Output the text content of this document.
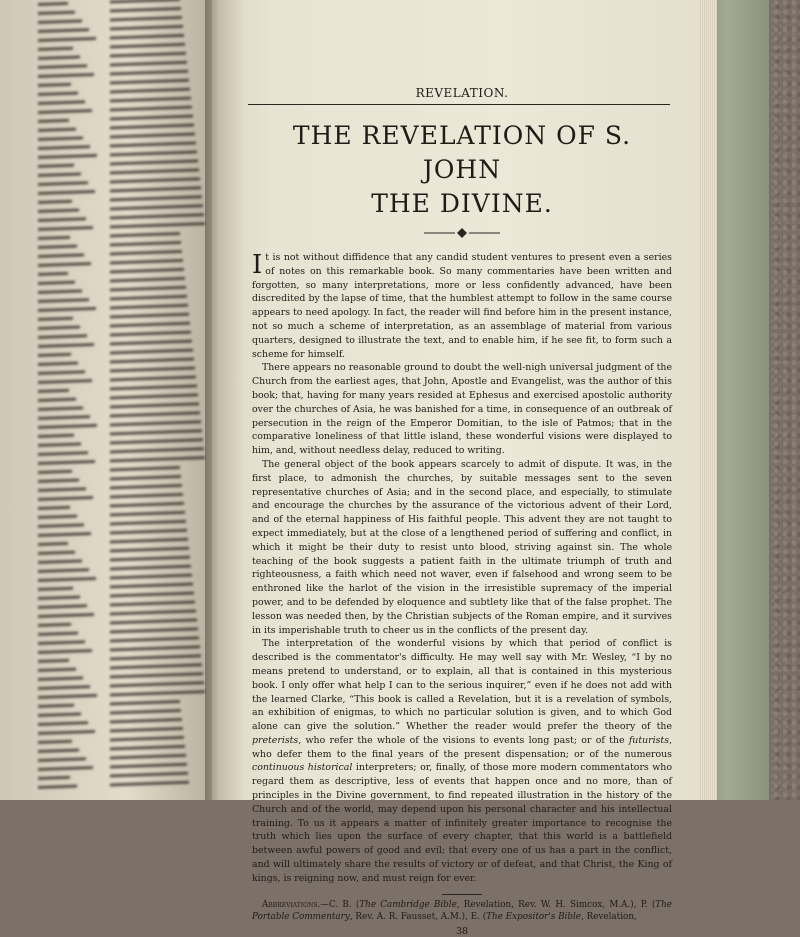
REVELATION.
THE REVELATION OF S. JOHN
THE DIVINE.

It is not without diffidence that any candid student ventures to present even a series of notes on this remarkable book. So many commentaries have been written and forgotten, so many interpretations, more or less confidently advanced, have been discredited by the lapse of time, that the humblest attempt to follow in the same course appears to need apology. In fact, the reader will find before him in the present instance, not so much a scheme of interpretation, as an assemblage of material from various quarters, designed to illustrate the text, and to enable him, if he see fit, to form such a scheme for himself.

There appears no reasonable ground to doubt the well-nigh universal judgment of the Church from the earliest ages, that John, Apostle and Evangelist, was the author of this book; that, having for many years resided at Ephesus and exercised apostolic authority over the churches of Asia, he was banished for a time, in consequence of an outbreak of persecution in the reign of the Emperor Domitian, to the isle of Patmos; that in the comparative loneliness of that little island, these wonderful visions were displayed to him, and, without needless delay, reduced to writing.

The general object of the book appears scarcely to admit of dispute. It was, in the first place, to admonish the churches, by suitable messages sent to the seven representative churches of Asia; and in the second place, and especially, to stimulate and encourage the churches by the assurance of the victorious advent of their Lord, and of the eternal happiness of His faithful people. This advent they are not taught to expect immediately, but at the close of a lengthened period of suffering and conflict, in which it might be their duty to resist unto blood, striving against sin. The whole teaching of the book suggests a patient faith in the ultimate triumph of truth and righteousness, a faith which need not waver, even if falsehood and wrong seem to be enthroned like the harlot of the vision in the irresistible supremacy of the imperial power, and to be defended by eloquence and subtlety like that of the false prophet. The lesson was needed then, by the Christian subjects of the Roman empire, and it survives in its imperishable truth to cheer us in the conflicts of the present day.

The interpretation of the wonderful visions by which that period of conflict is described is the commentator's difficulty. He may well say with Mr. Wesley, “I by no means pretend to understand, or to explain, all that is contained in this mysterious book. I only offer what help I can to the serious inquirer,” even if he does not add with the learned Clarke, “This book is called a Revelation, but it is a revelation of symbols, an exhibition of enigmas, to which no particular solution is given, and to which God alone can give the solution.” Whether the reader would prefer the theory of the preterists, who refer the whole of the visions to events long past; or of the futurists, who defer them to the final years of the present dispensation; or of the numerous continuous historical interpreters; or, finally, of those more modern commentators who regard them as descriptive, less of events that happen once and no more, than of principles in the Divine government, to find repeated illustration in the history of the Church and of the world, may depend upon his personal character and his intellectual training. To us it appears a matter of infinitely greater importance to recognise the truth which lies upon the surface of every chapter, that this world is a battlefield between awful powers of good and evil; that every one of us has a part in the conflict, and will ultimately share the results of victory or of defeat, and that Christ, the King of kings, is reigning now, and must reign for ever.

Abbreviations.—C. B. (The Cambridge Bible, Revelation, Rev. W. H. Simcox, M.A.), P. (The Portable Commentary, Rev. A. R. Fausset, A.M.), E. (The Expositor's Bible, Revelation,

38
